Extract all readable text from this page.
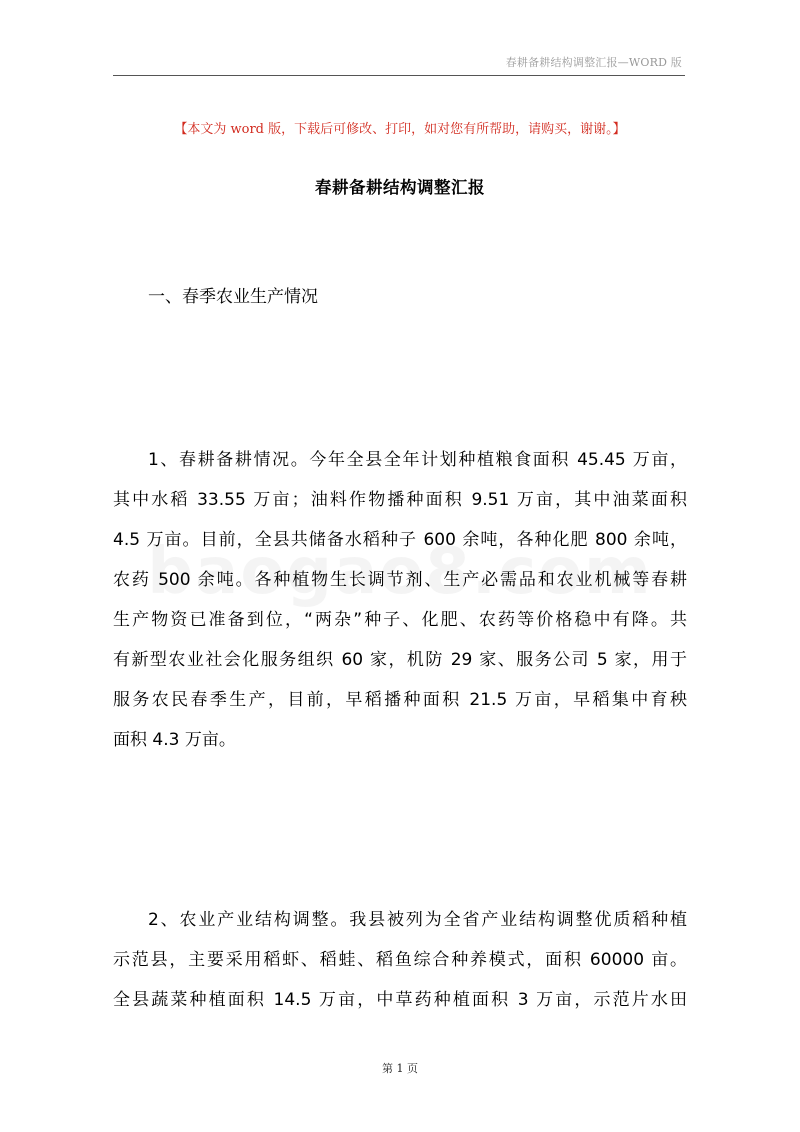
春耕备耕结构调整汇报—WORD 版
【本文为 word 版，下载后可修改、打印，如对您有所帮助，请购买，谢谢。】
春耕备耕结构调整汇报
一、春季农业生产情况
1、春耕备耕情况。今年全县全年计划种植粮食面积 45.45 万亩，
其中水稻 33.55 万亩；油料作物播种面积 9.51 万亩，其中油菜面积
4.5 万亩。目前，全县共储备水稻种子 600 余吨，各种化肥 800 余吨，
农药 500 余吨。各种植物生长调节剂、生产必需品和农业机械等春耕
生产物资已准备到位，“两杂”种子、化肥、农药等价格稳中有降。共
有新型农业社会化服务组织 60 家，机防 29 家、服务公司 5 家，用于
服务农民春季生产，目前，早稻播种面积 21.5 万亩，早稻集中育秧
面积 4.3 万亩。
2、农业产业结构调整。我县被列为全省产业结构调整优质稻种植
示范县，主要采用稻虾、稻蛙、稻鱼综合种养模式，面积 60000 亩。
全县蔬菜种植面积 14.5 万亩，中草药种植面积 3 万亩，示范片水田
第 1 页
